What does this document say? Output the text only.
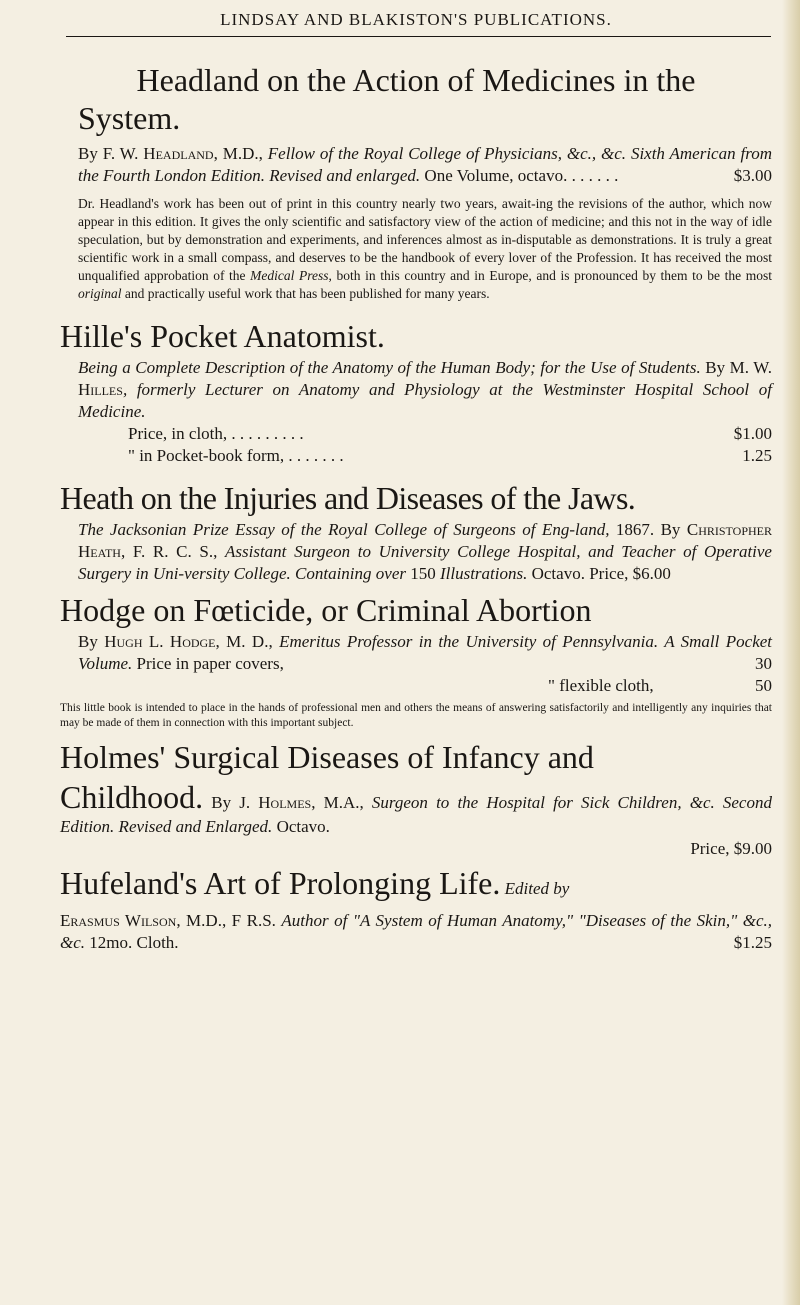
LINDSAY AND BLAKISTON'S PUBLICATIONS.
Headland on the Action of Medicines in the
System.

By F. W. Headland, M.D., Fellow of the Royal College of Physicians, &c., &c. Sixth American from the Fourth London Edition. Revised and enlarged. One Volume, octavo. . . . . . .	$3.00

Dr. Headland's work has been out of print in this country nearly two years, await-ing the revisions of the author, which now appear in this edition. It gives the only scientific and satisfactory view of the action of medicine; and this not in the way of idle speculation, but by demonstration and experiments, and inferences almost as in-disputable as demonstrations. It is truly a great scientific work in a small compass, and deserves to be the handbook of every lover of the Profession. It has received the most unqualified approbation of the Medical Press, both in this country and in Europe, and is pronounced by them to be the most original and practically useful work that has been published for many years.

Hille's Pocket Anatomist.

Being a Complete Description of the Anatomy of the Human Body; for the Use of Students. By M. W. Hilles, formerly Lecturer on Anatomy and Physiology at the Westminster Hospital School of Medicine.

Price, in cloth, . . . . . . . . .	$1.00
" in Pocket-book form, . . . . . . .	1.25
Heath on the Injuries and Diseases of the Jaws.

The Jacksonian Prize Essay of the Royal College of Surgeons of Eng-land, 1867. By Christopher Heath, F. R. C. S., Assistant Surgeon to University College Hospital, and Teacher of Operative Surgery in Uni-versity College. Containing over 150 Illustrations. Octavo. Price, $6.00

Hodge on Fœticide, or Criminal Abortion

By Hugh L. Hodge, M. D., Emeritus Professor in the University of Pennsylvania. A Small Pocket Volume. Price in paper covers,	30

" flexible cloth,	50

This little book is intended to place in the hands of professional men and others the means of answering satisfactorily and intelligently any inquiries that may be made of them in connection with this important subject.

Holmes' Surgical Diseases of Infancy and

Childhood. By J. Holmes, M.A., Surgeon to the Hospital for Sick Children, &c. Second Edition. Revised and Enlarged. Octavo.

Price, $9.00
Hufeland's Art of Prolonging Life. Edited by

Erasmus Wilson, M.D., F R.S. Author of "A System of Human Anatomy," "Diseases of the Skin," &c., &c. 12mo. Cloth.	$1.25
